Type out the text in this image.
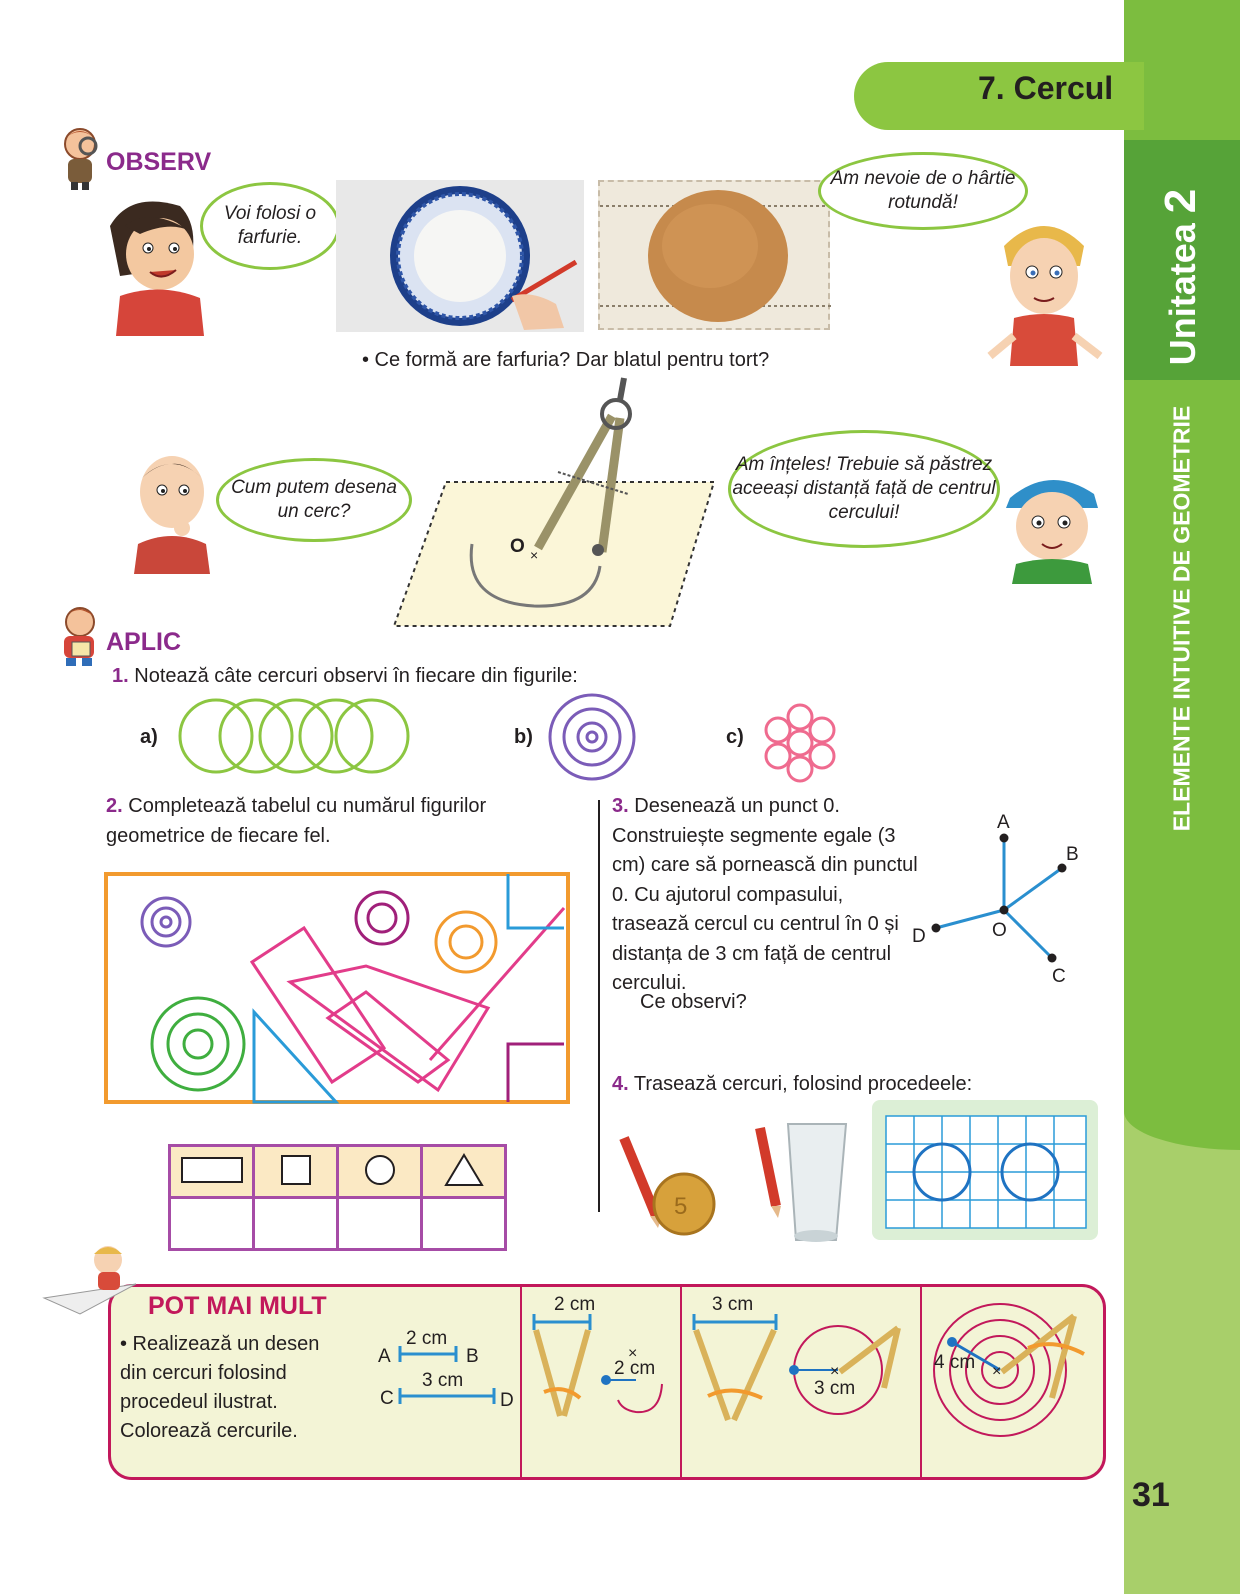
Unitatea 2
ELEMENTE INTUITIVE DE GEOMETRIE
7. Cercul
OBSERV
Voi folosi o farfurie.
Am nevoie de o hârtie rotundă!
• Ce formă are farfuria? Dar blatul pentru tort?
Cum putem desena un cerc?
O ×
Am înțeles! Trebuie să păstrez aceeași distanță față de centrul cercului!
APLIC
1. Notează câte cercuri observi în fiecare din figurile:
a)	b)	c)
2. Completează tabelul cu numărul figurilor geometrice de fiecare fel.

3. Desenează un punct 0. Construiește segmente egale (3 cm) care să pornească din punctul 0. Cu ajutorul compasului, trasează cercul cu centrul în 0 și distanța de 3 cm față de centrul cercului.
Ce observi?
A
B
C
D	O
4. Trasează cercuri, folosind procedeele:
5
POT MAI MULT
• Realizează un desen din cercuri folosind procedeul ilustrat. Colorează cercurile.
A
2 cm
B
C
3 cm
D
2 cm
×
2 cm
3 cm
×
3 cm
×
4 cm
31
